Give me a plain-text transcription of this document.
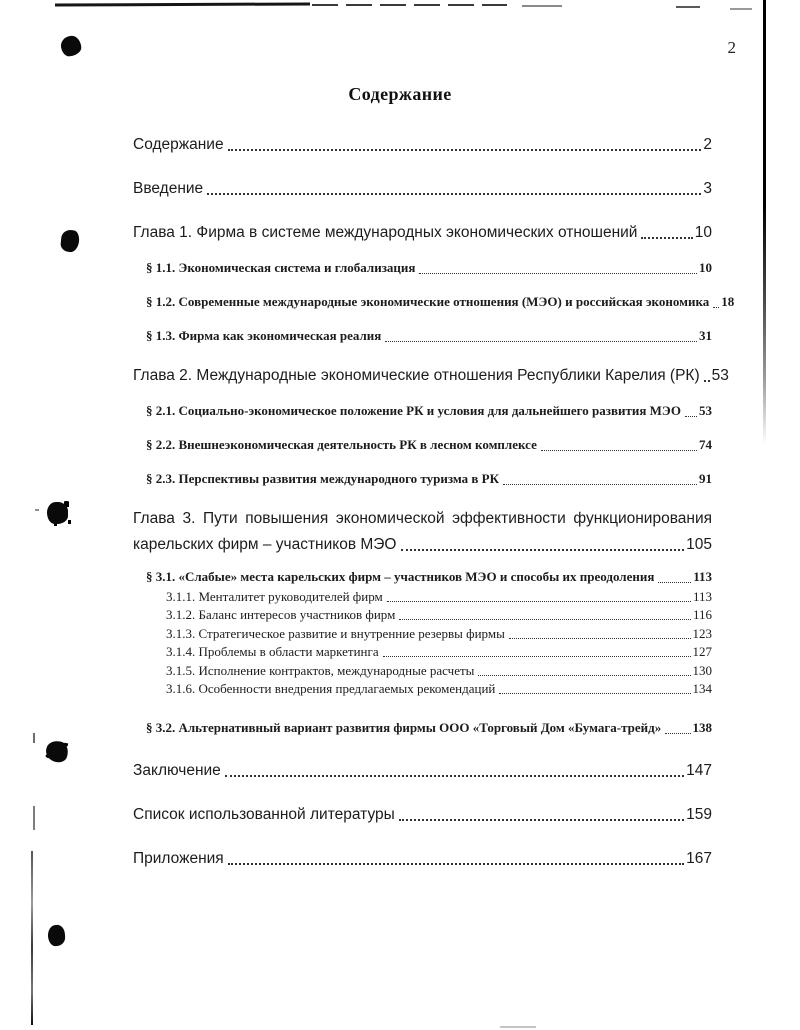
2
Содержание
Содержание	2
Введение	3
Глава 1. Фирма в системе международных экономических отношений	10
§ 1.1. Экономическая система и глобализация	10
§ 1.2. Современные международные экономические отношения (МЭО) и российская экономика 18
§ 1.3. Фирма как экономическая реалия	31
Глава 2. Международные экономические отношения Республики Карелия (РК) 53
§ 2.1. Социально-экономическое положение РК и условия для дальнейшего развития МЭО 53
§ 2.2. Внешнеэкономическая деятельность РК в лесном комплексе	74
§ 2.3. Перспективы развития международного туризма в РК	91
Глава 3. Пути повышения экономической эффективности функционирования
карельских фирм – участников МЭО	105
§ 3.1. «Слабые» места карельских фирм – участников МЭО и способы их преодоления	113
3.1.1. Менталитет руководителей фирм	113
3.1.2. Баланс интересов участников фирм	116
3.1.3. Стратегическое развитие и внутренние резервы фирмы	123
3.1.4. Проблемы в области маркетинга	127
3.1.5. Исполнение контрактов, международные расчеты	130
3.1.6. Особенности внедрения предлагаемых рекомендаций	134
§ 3.2. Альтернативный вариант развития фирмы ООО «Торговый Дом «Бумага-трейд» 138
Заключение	147
Список использованной литературы	159
Приложения	167
